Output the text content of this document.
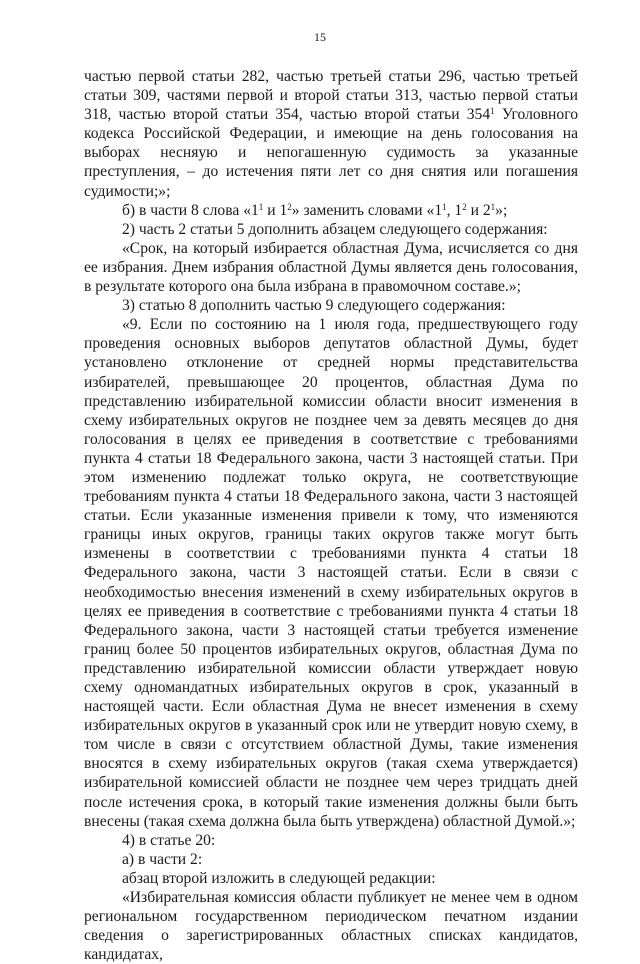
15

частью первой статьи 282, частью третьей статьи 296, частью третьей статьи 309, частями первой и второй статьи 313, частью первой статьи 318, частью второй статьи 354, частью второй статьи $354^1$ Уголовного кодекса Российской Федерации, и имеющие на день голосования на выборах несняую и непогашенную судимость за указанные преступления, – до истечения пяти лет со дня снятия или погашения судимости;»;

б) в части 8 слова «$1^1$ и $1^2$» заменить словами «$1^1$, $1^2$ и $2^1$»;

2) часть 2 статьи 5 дополнить абзацем следующего содержания:

«Срок, на который избирается областная Дума, исчисляется со дня ее избрания. Днем избрания областной Думы является день голосования, в результате которого она была избрана в правомочном составе.»;

3) статью 8 дополнить частью 9 следующего содержания:

«9. Если по состоянию на 1 июля года, предшествующего году проведения основных выборов депутатов областной Думы, будет установлено отклонение от средней нормы представительства избирателей, превышающее 20 процентов, областная Дума по представлению избирательной комиссии области вносит изменения в схему избирательных округов не позднее чем за девять месяцев до дня голосования в целях ее приведения в соответствие с требованиями пункта 4 статьи 18 Федерального закона, части 3 настоящей статьи. При этом изменению подлежат только округа, не соответствующие требованиям пункта 4 статьи 18 Федерального закона, части 3 настоящей статьи. Если указанные изменения привели к тому, что изменяются границы иных округов, границы таких округов также могут быть изменены в соответствии с требованиями пункта 4 статьи 18 Федерального закона, части 3 настоящей статьи. Если в связи с необходимостью внесения изменений в схему избирательных округов в целях ее приведения в соответствие с требованиями пункта 4 статьи 18 Федерального закона, части 3 настоящей статьи требуется изменение границ более 50 процентов избирательных округов, областная Дума по представлению избирательной комиссии области утверждает новую схему одномандатных избирательных округов в срок, указанный в настоящей части. Если областная Дума не внесет изменения в схему избирательных округов в указанный срок или не утвердит новую схему, в том числе в связи с отсутствием областной Думы, такие изменения вносятся в схему избирательных округов (такая схема утверждается) избирательной комиссией области не позднее чем через тридцать дней после истечения срока, в который такие изменения должны были быть внесены (такая схема должна была быть утверждена) областной Думой.»;

4) в статье 20:

а) в части 2:

абзац второй изложить в следующей редакции:

«Избирательная комиссия области публикует не менее чем в одном региональном государственном периодическом печатном издании сведения о зарегистрированных областных списках кандидатов, кандидатах,
